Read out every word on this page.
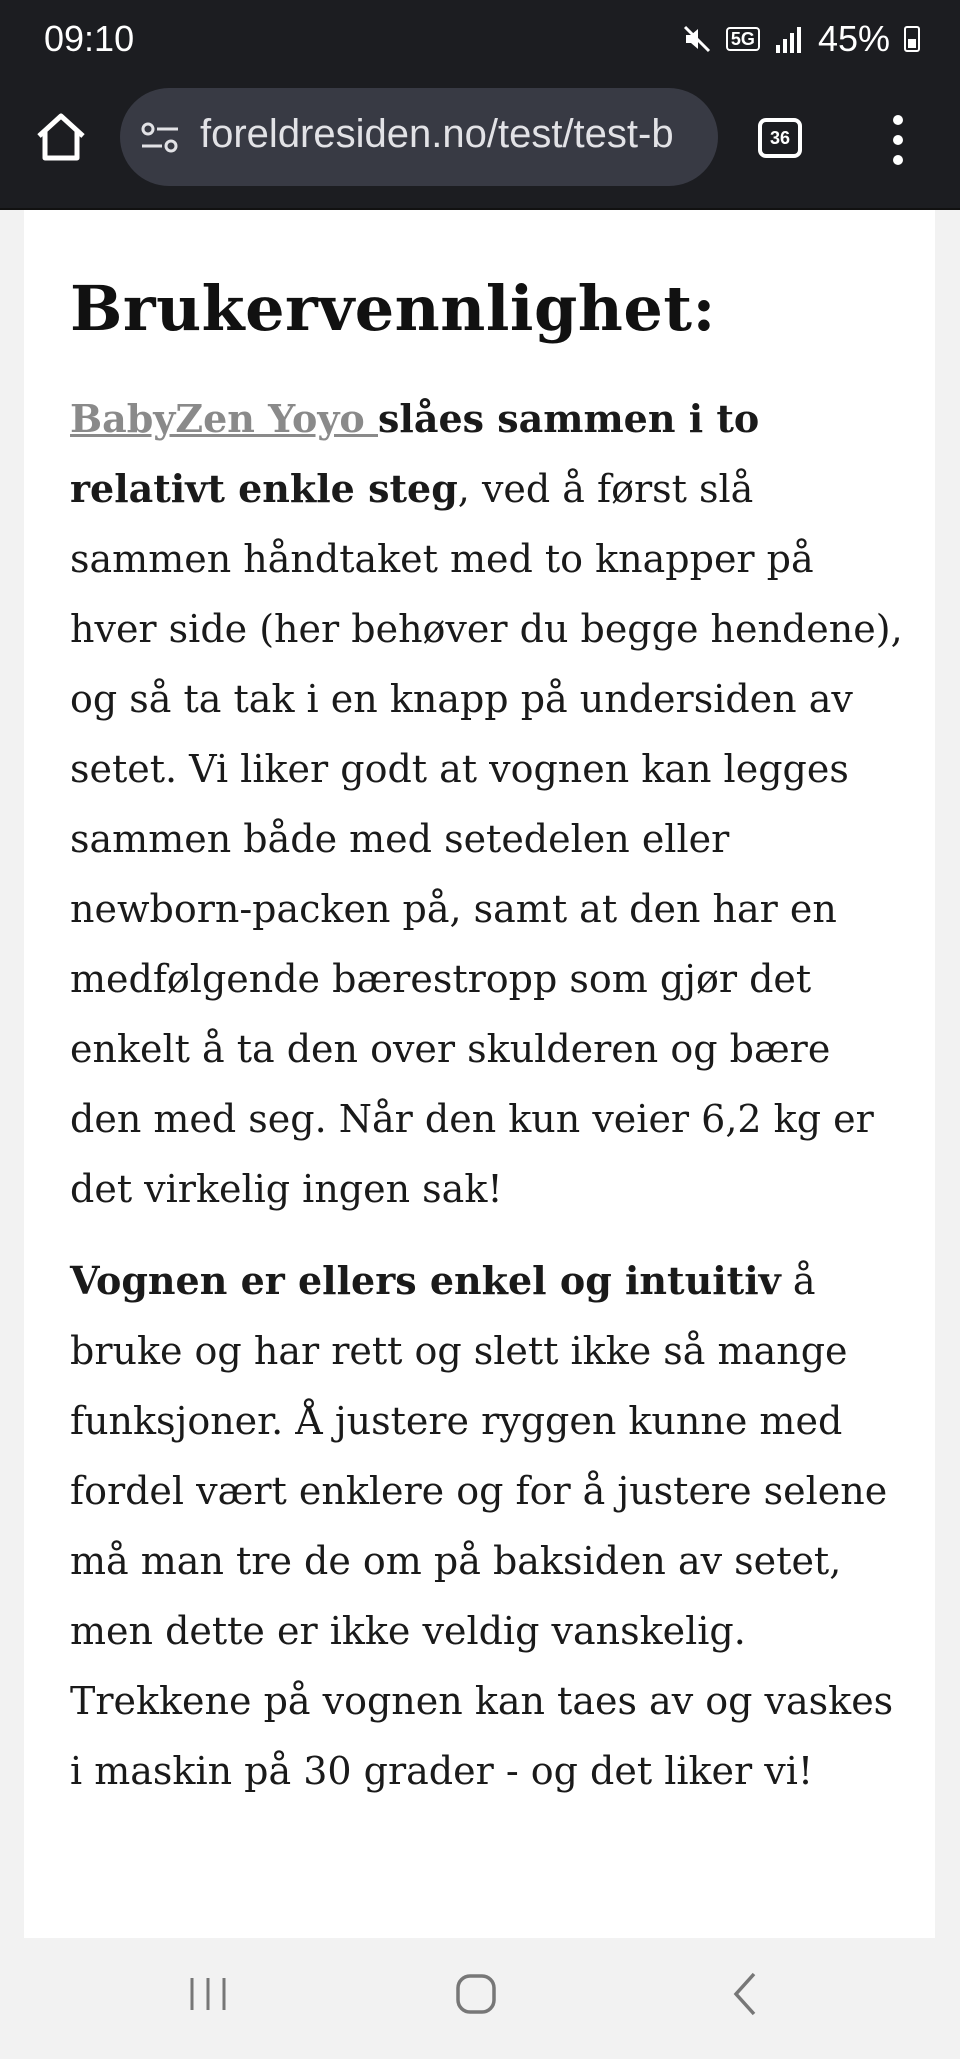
09:10	5G 45%
foreldresiden.no/test/test-b	36
Brukervennlighet:

BabyZen Yoyo slåes sammen i to relativt enkle steg, ved å først slå sammen håndtaket med to knapper på hver side (her behøver du begge hendene), og så ta tak i en knapp på undersiden av setet. Vi liker godt at vognen kan legges sammen både med setedelen eller newborn-packen på, samt at den har en medfølgende bærestropp som gjør det enkelt å ta den over skulderen og bære den med seg. Når den kun veier 6,2 kg er det virkelig ingen sak!

Vognen er ellers enkel og intuitiv å bruke og har rett og slett ikke så mange funksjoner. Å justere ryggen kunne med fordel vært enklere og for å justere selene må man tre de om på baksiden av setet, men dette er ikke veldig vanskelig. Trekkene på vognen kan taes av og vaskes i maskin på 30 grader - og det liker vi!
